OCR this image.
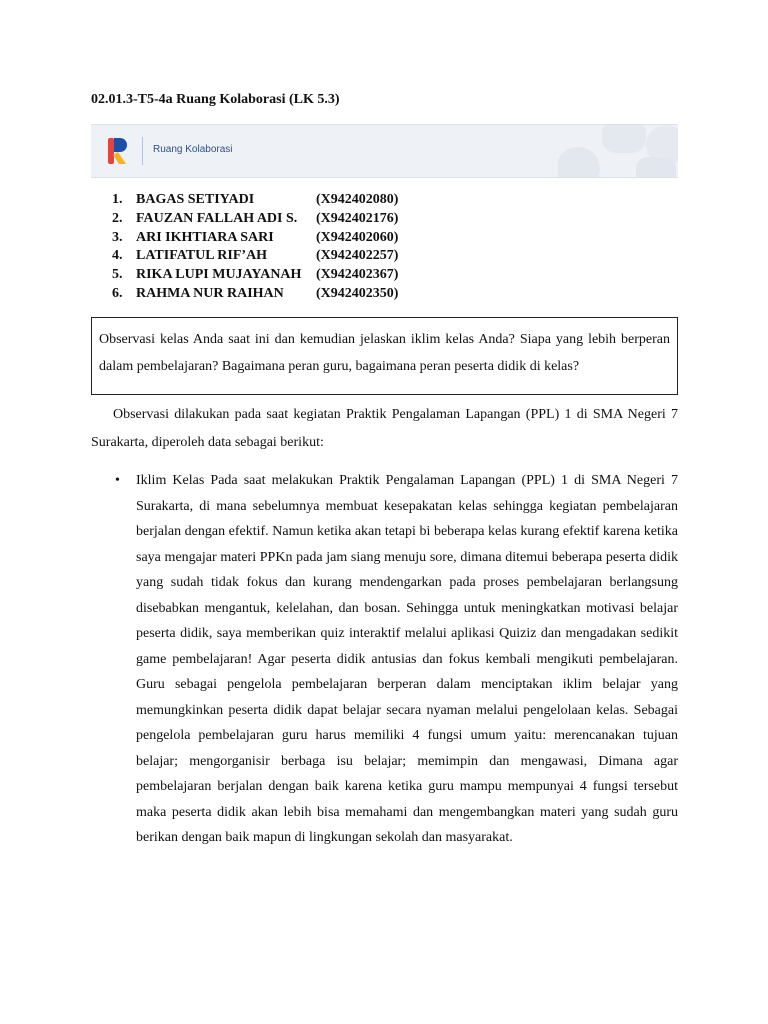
02.01.3-T5-4a Ruang Kolaborasi (LK 5.3)
Ruang Kolaborasi
1. BAGAS SETIYADI	(X942402080)
2. FAUZAN FALLAH ADI S.	(X942402176)
3. ARI IKHTIARA SARI	(X942402060)
4. LATIFATUL RIF’AH	(X942402257)
5. RIKA LUPI MUJAYANAH	(X942402367)
6. RAHMA NUR RAIHAN	(X942402350)
Observasi kelas Anda saat ini dan kemudian jelaskan iklim kelas Anda? Siapa yang lebih berperan dalam pembelajaran? Bagaimana peran guru, bagaimana peran peserta didik di kelas?
Observasi dilakukan pada saat kegiatan Praktik Pengalaman Lapangan (PPL) 1 di SMA Negeri 7 Surakarta, diperoleh data sebagai berikut:
•	Iklim Kelas Pada saat melakukan Praktik Pengalaman Lapangan (PPL) 1 di SMA Negeri 7 Surakarta, di mana sebelumnya membuat kesepakatan kelas sehingga kegiatan pembelajaran berjalan dengan efektif. Namun ketika akan tetapi bi beberapa kelas kurang efektif karena ketika saya mengajar materi PPKn pada jam siang menuju sore, dimana ditemui beberapa peserta didik yang sudah tidak fokus dan kurang mendengarkan pada proses pembelajaran berlangsung disebabkan mengantuk, kelelahan, dan bosan. Sehingga untuk meningkatkan motivasi belajar peserta didik, saya memberikan quiz interaktif melalui aplikasi Quiziz dan mengadakan sedikit game pembelajaran! Agar peserta didik antusias dan fokus kembali mengikuti pembelajaran. Guru sebagai pengelola pembelajaran berperan dalam menciptakan iklim belajar yang memungkinkan peserta didik dapat belajar secara nyaman melalui pengelolaan kelas. Sebagai pengelola pembelajaran guru harus memiliki 4 fungsi umum yaitu: merencanakan tujuan belajar; mengorganisir berbaga isu belajar; memimpin dan mengawasi, Dimana agar pembelajaran berjalan dengan baik karena ketika guru mampu mempunyai 4 fungsi tersebut maka peserta didik akan lebih bisa memahami dan mengembangkan materi yang sudah guru berikan dengan baik mapun di lingkungan sekolah dan masyarakat.
